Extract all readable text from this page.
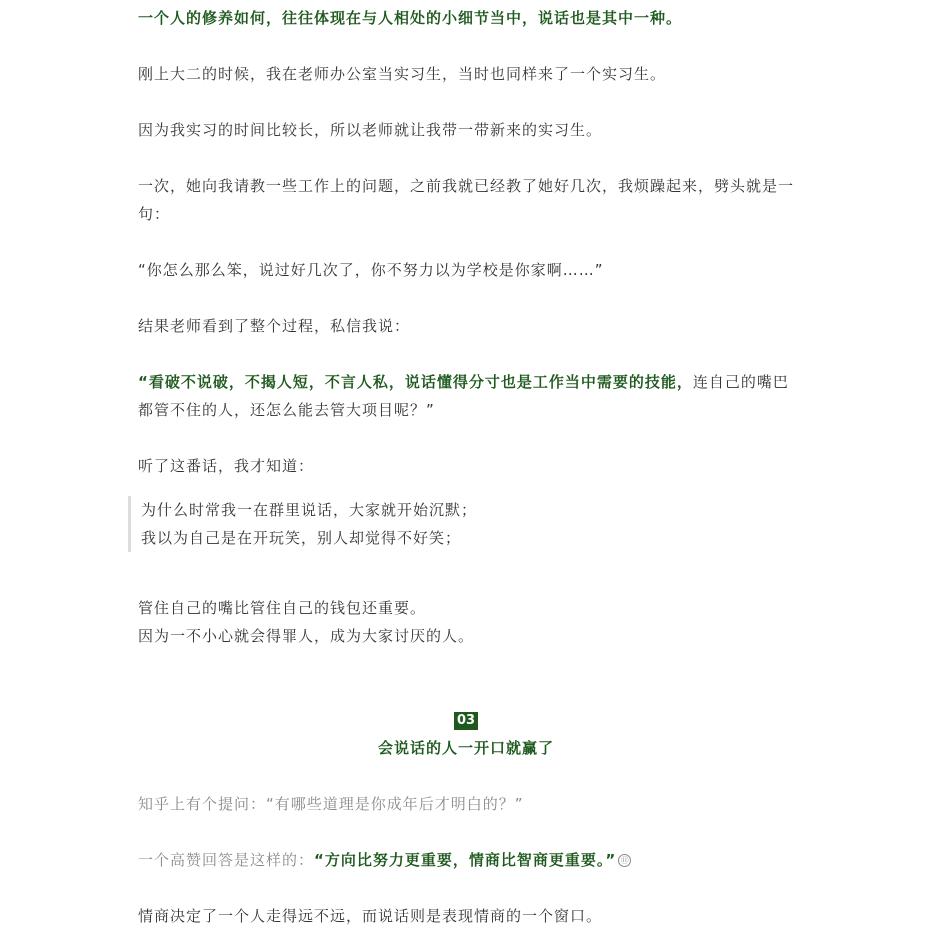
一个人的修养如何，往往体现在与人相处的小细节当中，说话也是其中一种。

刚上大二的时候，我在老师办公室当实习生，当时也同样来了一个实习生。

因为我实习的时间比较长，所以老师就让我带一带新来的实习生。

一次，她向我请教一些工作上的问题，之前我就已经教了她好几次，我烦躁起来，劈头就是一

句：

“你怎么那么笨，说过好几次了，你不努力以为学校是你家啊……”

结果老师看到了整个过程，私信我说：

“看破不说破，不揭人短，不言人私，说话懂得分寸也是工作当中需要的技能，连自己的嘴巴

都管不住的人，还怎么能去管大项目呢？”

听了这番话，我才知道：

为什么时常我一在群里说话，大家就开始沉默；
我以为自己是在开玩笑，别人却觉得不好笑；

管住自己的嘴比管住自己的钱包还重要。

因为一不小心就会得罪人，成为大家讨厌的人。

知乎上有个提问：“有哪些道理是你成年后才明白的？”

一个高赞回答是这样的：“方向比努力更重要，情商比智商更重要。” ⑪

情商决定了一个人走得远不远，而说话则是表现情商的一个窗口。

03
会说话的人一开口就赢了
